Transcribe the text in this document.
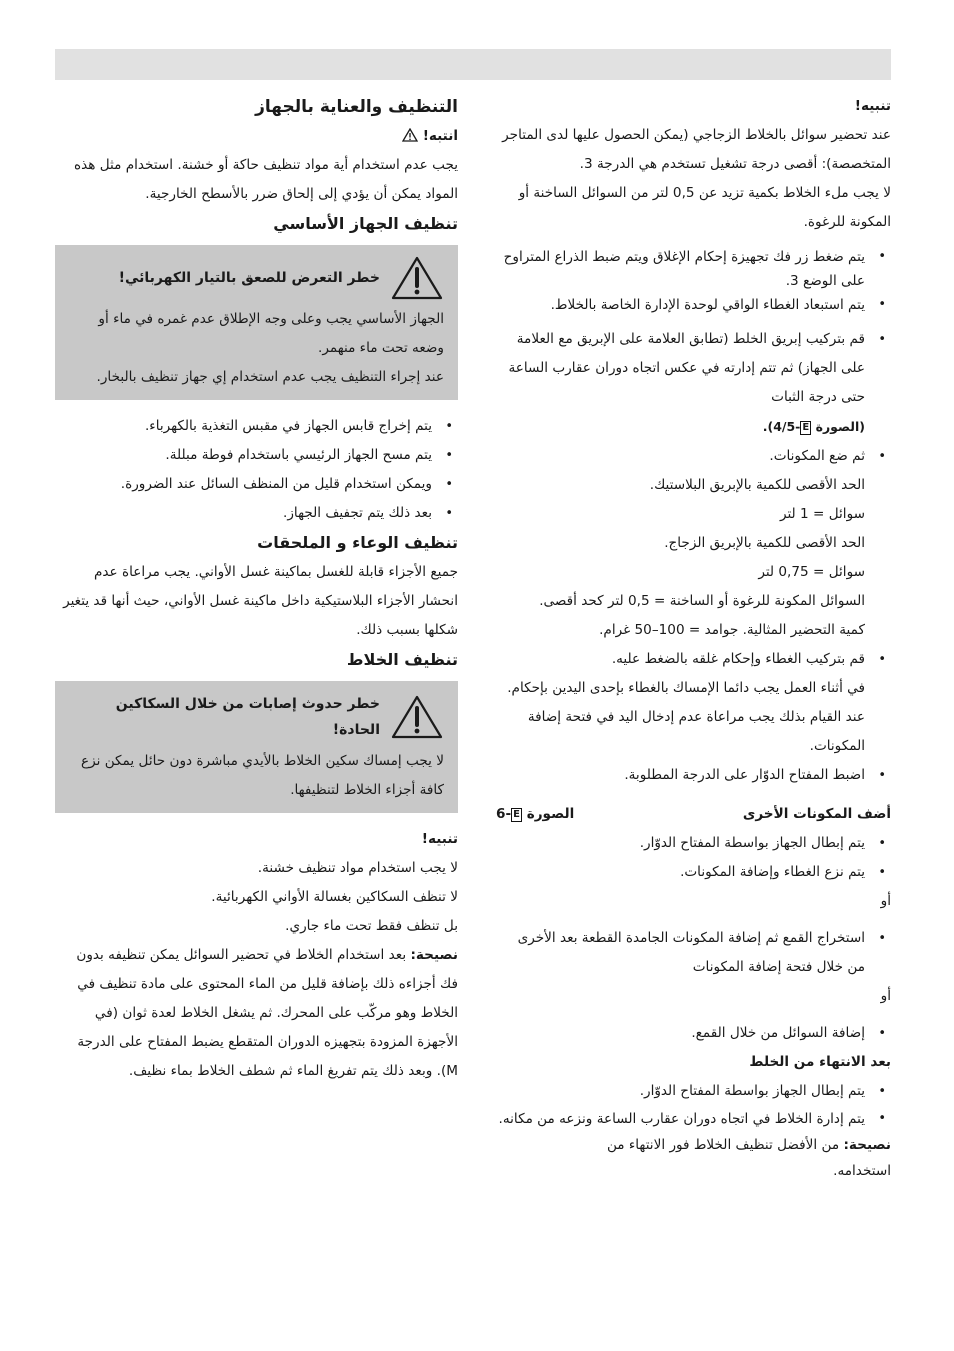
تنبيه!

عند تحضير سوائل بالخلاط الزجاجي (يمكن الحصول عليها لدى المتاجر المتخصصة): أقصى درجة تشغيل تستخدم هي الدرجة 3.

لا يجب ملء الخلاط بكمية تزيد عن 0,5 لتر من السوائل الساخنة أو المكونة للرغوة.

• يتم ضغط زر فك تجهيزة إحكام الإغلاق ويتم ضبط الذراع المتراوح على الوضع 3.
• يتم استبعاد الغطاء الواقي لوحدة الإدارة الخاصة بالخلاط.
• قم بتركيب إبريق الخلط (تطابق العلامة على الإبريق مع العلامة على الجهاز) ثم تتم إدارته في عكس اتجاه دوران عقارب الساعة حتى درجة الثبات
(الصورة E-4/5).
• ثم ضع المكونات.
الحد الأقصى للكمية بالإبريق البلاستيك.
سوائل = 1 لتر
الحد الأقصى للكمية بالإبريق الزجاج.
سوائل = 0,75 لتر
السوائل المكونة للرغوة أو الساخنة = 0,5 لتر كحد أقصى.
كمية التحضير المثالية. جوامد = 100–50 غرام.
• قم بتركيب الغطاء وإحكام غلقه بالضغط عليه.
في أثناء العمل يجب دائما الإمساك بالغطاء بإحدى اليدين بإحكام. عند القيام بذلك يجب مراعاة عدم إدخال اليد في فتحة إضافة المكونات.
• اضبط المفتاح الدوّار على الدرجة المطلوبة.
أضف المكونات الأخرى
الصورة E-6
• يتم إبطال الجهاز بواسطة المفتاح الدوّار.
• يتم نزع الغطاء وإضافة المكونات.

أو

• استخراج القمع ثم إضافة المكونات الجامدة القطعة بعد الأخرى من خلال فتحة إضافة المكونات

أو

• إضافة السوائل من خلال القمع.

بعد الانتهاء من الخلط

• يتم إبطال الجهاز بواسطة المفتاح الدوّار.
• يتم إدارة الخلاط في اتجاه دوران عقارب الساعة ونزعه من مكانه.

نصيحة: من الأفضل تنظيف الخلاط فور الانتهاء من استخدامه.

التنظيف والعناية بالجهاز

انتبه!

يجب عدم استخدام أية مواد تنظيف حاكة أو خشنة. استخدام مثل هذه المواد يمكن أن يؤدي إلى إلحاق ضرر بالأسطح الخارجية.

تنظيف الجهاز الأساسي

خطر التعرض للصعق بالتيار الكهربائي!

الجهاز الأساسي يجب وعلى وجه الإطلاق عدم غمره في ماء أو وضعه تحت ماء منهمر.

عند إجراء التنظيف يجب عدم استخدام إي جهاز تنظيف بالبخار.

• يتم إخراج قابس الجهاز في مقبس التغذية بالكهرباء.
• يتم مسح الجهاز الرئيسي باستخدام فوطة مبللة.
• ويمكن استخدام قليل من المنظف السائل عند الضرورة.
• بعد ذلك يتم تجفيف الجهاز.

تنظيف الوعاء و الملحقات

جميع الأجزاء قابلة للغسل بماكينة غسل الأواني. يجب مراعاة عدم انحشار الأجزاء البلاستيكية داخل ماكينة غسل الأواني، حيث أنها قد يتغير شكلها بسبب ذلك.

تنظيف الخلاط

خطر حدوث إصابات من خلال السكاكين الحادة!

لا يجب إمساك سكين الخلاط بالأيدي مباشرة دون حائل يمكن نزع كافة أجزاء الخلاط لتنظيفها.

تنبيه!

لا يجب استخدام مواد تنظيف خشنة.

لا تنظف السكاكين بغسالة الأواني الكهربائية.

بل تنظف فقط تحت ماء جاري.

نصيحة: بعد استخدام الخلاط في تحضير السوائل يمكن تنظيفه بدون فك أجزاءه ذلك بإضافة قليل من الماء المحتوى على مادة تنظيف في الخلاط وهو مركّب على المحرك. ثم يشغل الخلاط لعدة ثوان (في الأجهزة المزودة بتجهيزه الدوران المتقطع يضبط المفتاح على الدرجة M). وبعد ذلك يتم تفريغ الماء ثم شطف الخلاط بماء نظيف.
